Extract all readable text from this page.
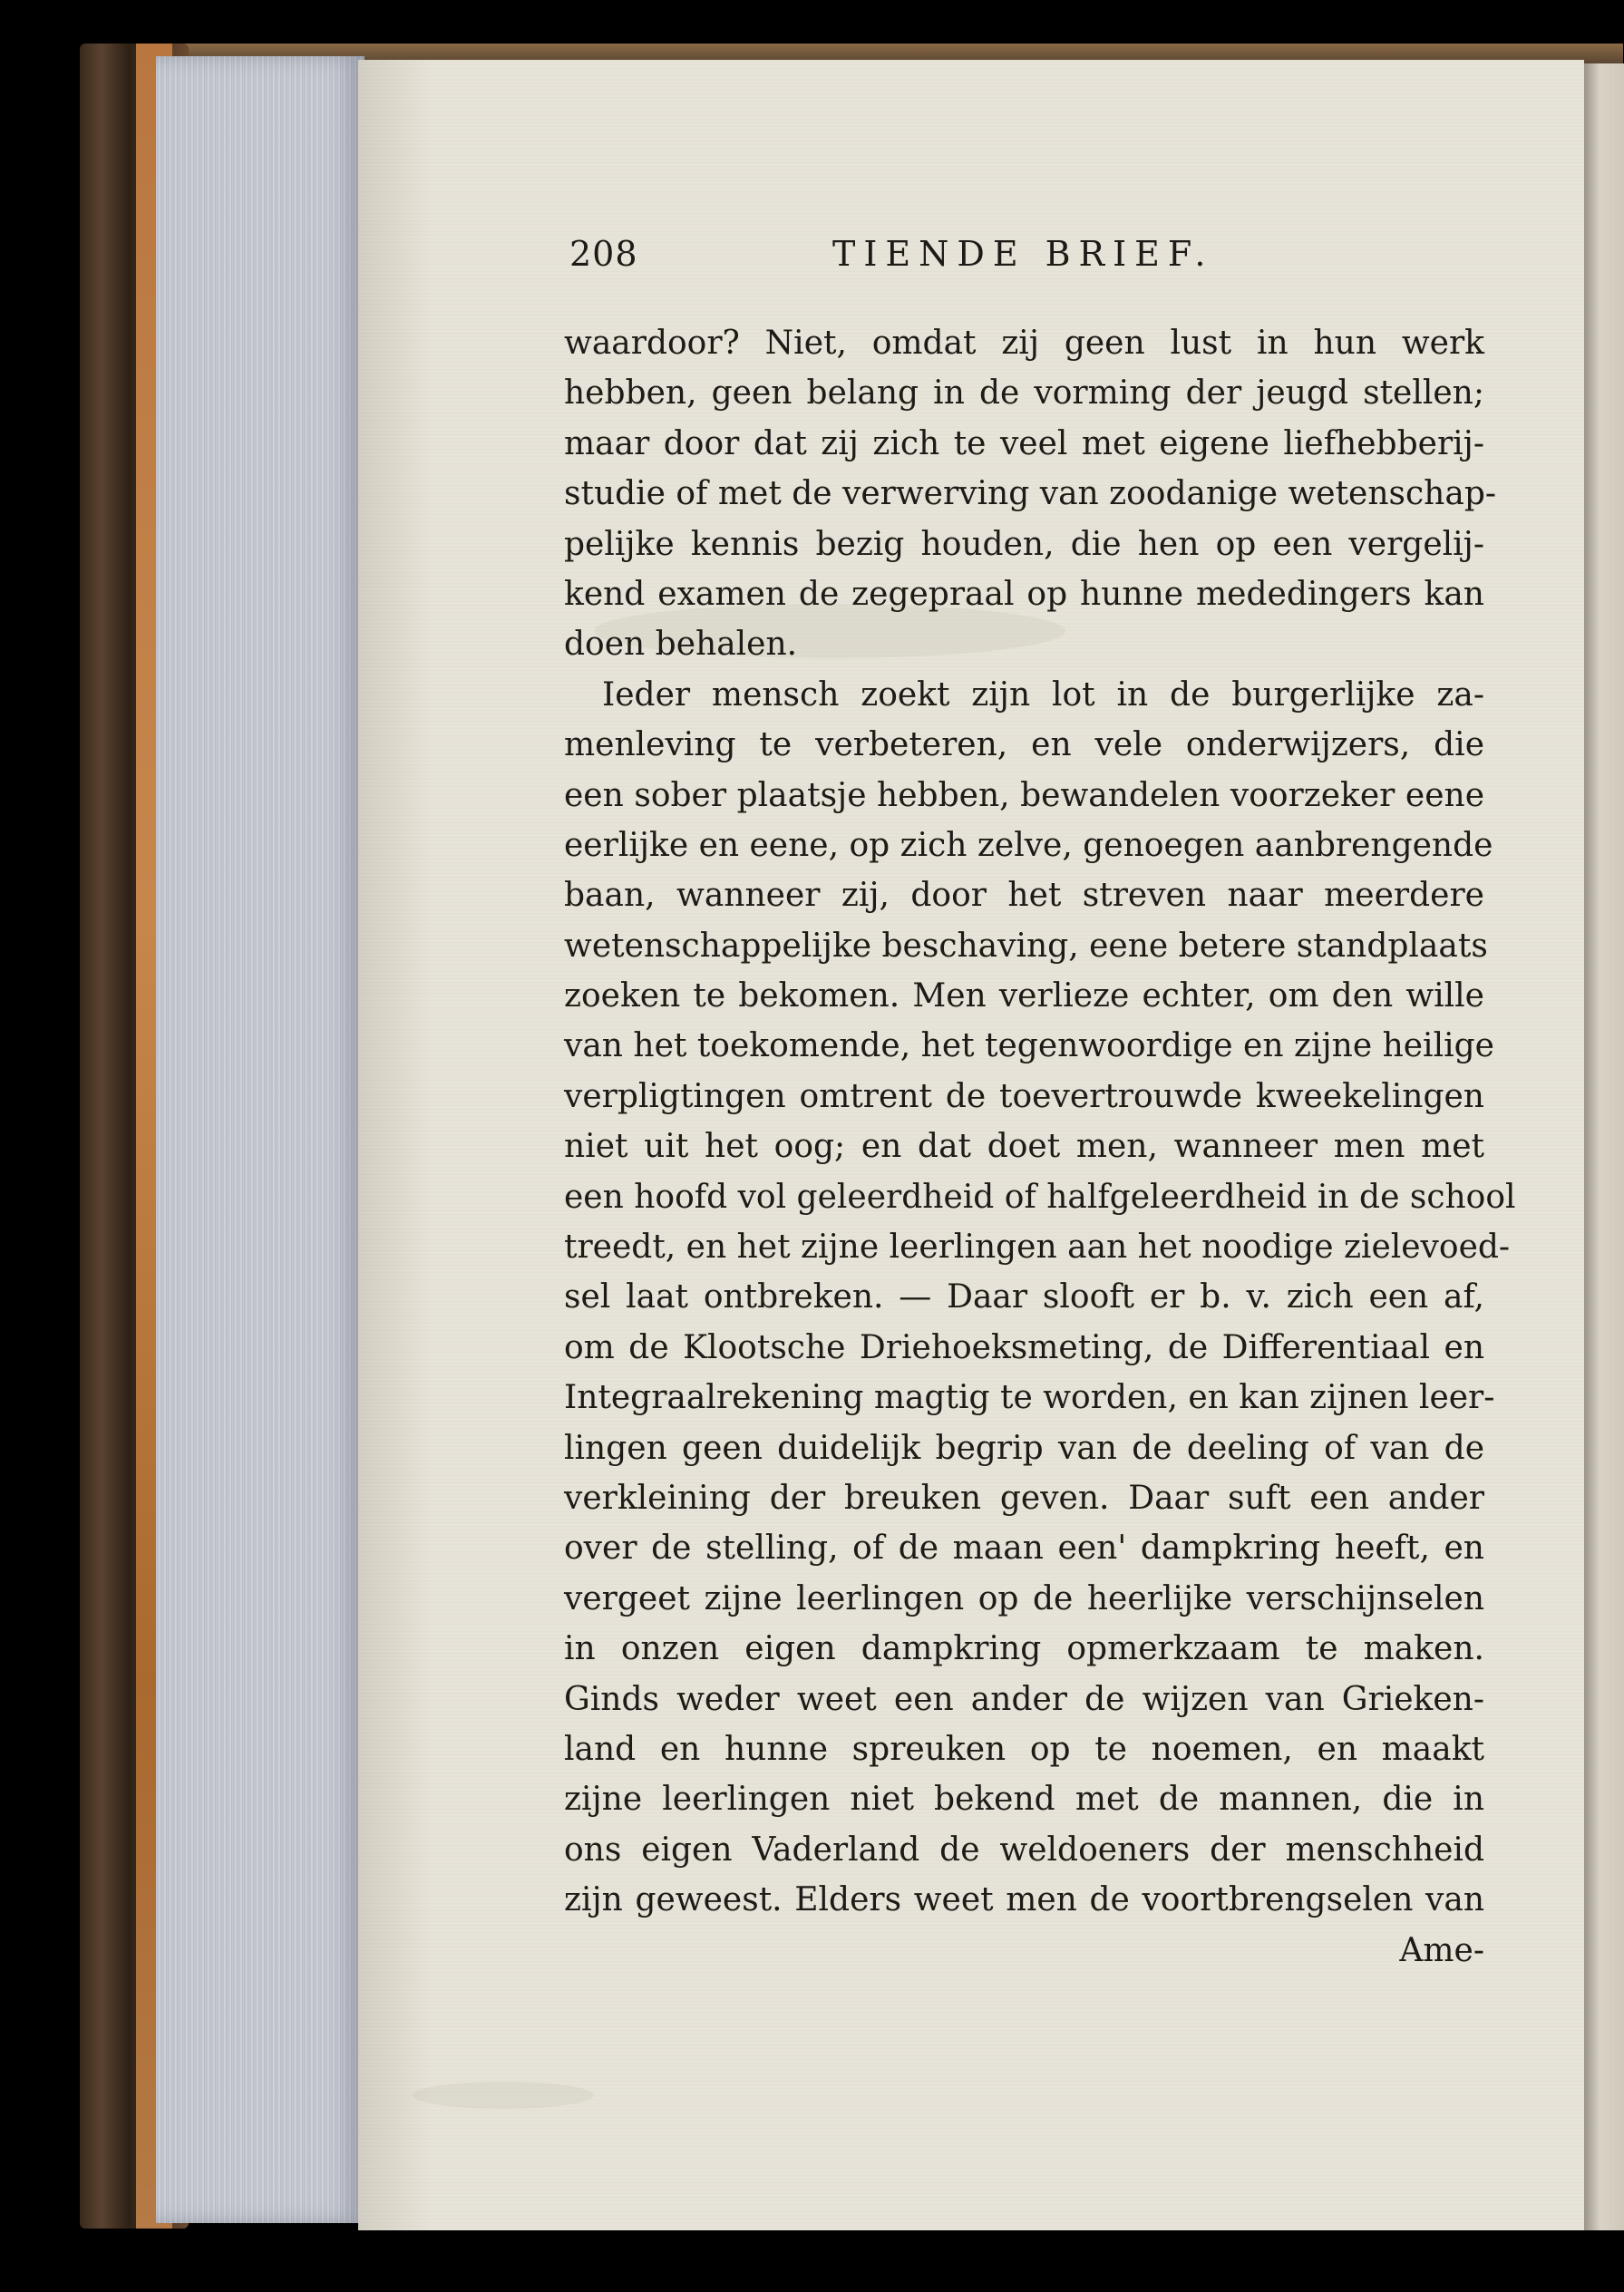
208	TIENDE BRIEF.
waardoor? Niet, omdat zij geen lust in hun werk
hebben, geen belang in de vorming der jeugd stellen;
maar door dat zij zich te veel met eigene liefhebberij-
studie of met de verwerving van zoodanige wetenschap-
pelijke kennis bezig houden, die hen op een vergelij-
kend examen de zegepraal op hunne mededingers kan
doen behalen.
Ieder mensch zoekt zijn lot in de burgerlijke za-
menleving te verbeteren, en vele onderwijzers, die
een sober plaatsje hebben, bewandelen voorzeker eene
eerlijke en eene, op zich zelve, genoegen aanbrengende
baan, wanneer zij, door het streven naar meerdere
wetenschappelijke beschaving, eene betere standplaats
zoeken te bekomen. Men verlieze echter, om den wille
van het toekomende, het tegenwoordige en zijne heilige
verpligtingen omtrent de toevertrouwde kweekelingen
niet uit het oog; en dat doet men, wanneer men met
een hoofd vol geleerdheid of halfgeleerdheid in de school
treedt, en het zijne leerlingen aan het noodige zielevoed-
sel laat ontbreken. — Daar slooft er b. v. zich een af,
om de Klootsche Driehoeksmeting, de Differentiaal en
Integraalrekening magtig te worden, en kan zijnen leer-
lingen geen duidelijk begrip van de deeling of van de
verkleining der breuken geven. Daar suft een ander
over de stelling, of de maan een' dampkring heeft, en
vergeet zijne leerlingen op de heerlijke verschijnselen
in onzen eigen dampkring opmerkzaam te maken.
Ginds weder weet een ander de wijzen van Grieken-
land en hunne spreuken op te noemen, en maakt
zijne leerlingen niet bekend met de mannen, die in
ons eigen Vaderland de weldoeners der menschheid
zijn geweest. Elders weet men de voortbrengselen van
Ame-
